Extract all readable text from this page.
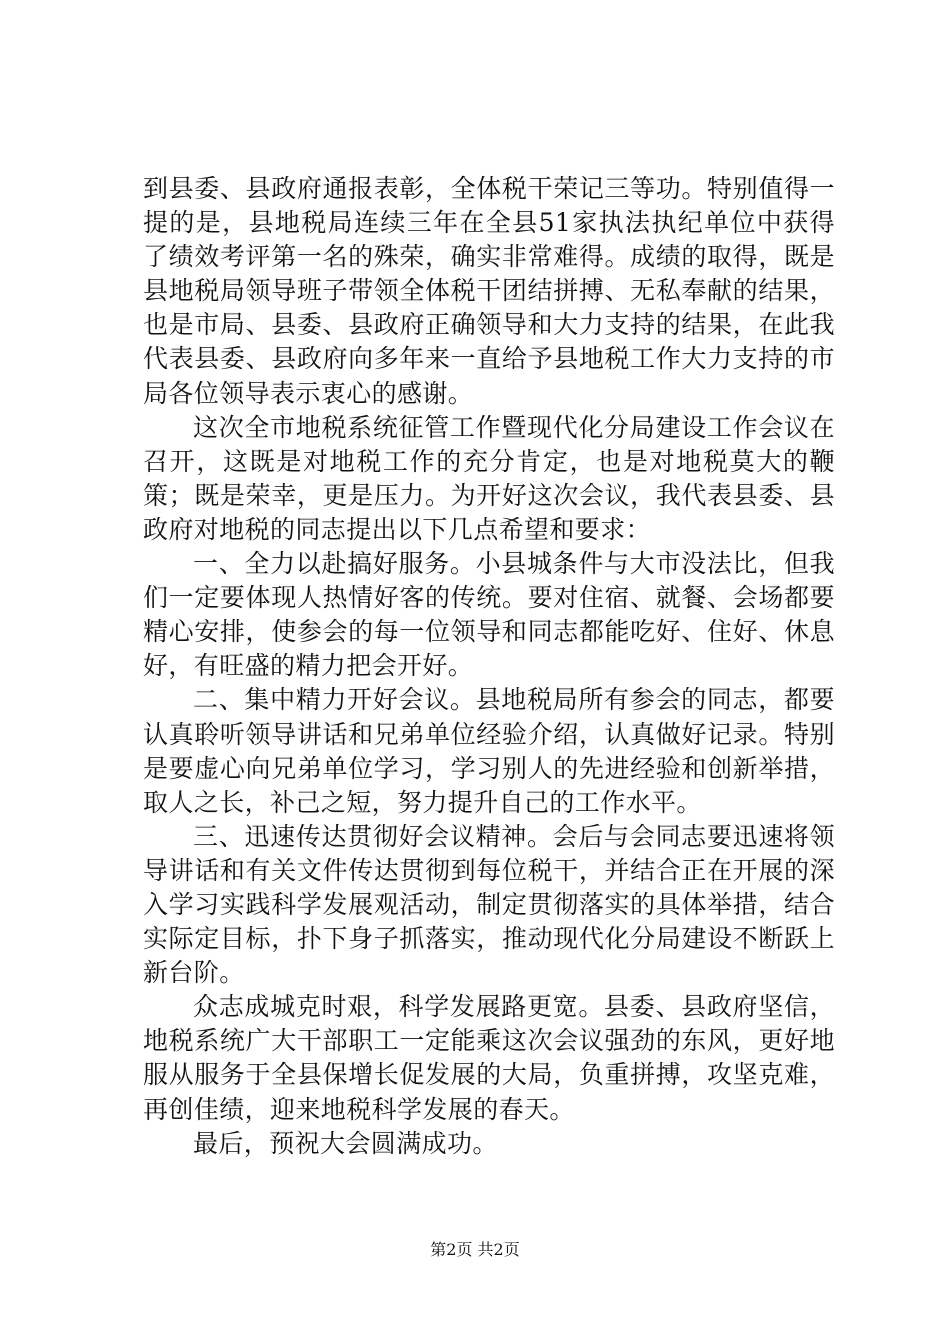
到县委、县政府通报表彰，全体税干荣记三等功。特别值得一提的是，县地税局连续三年在全县51家执法执纪单位中获得了绩效考评第一名的殊荣，确实非常难得。成绩的取得，既是县地税局领导班子带领全体税干团结拼搏、无私奉献的结果，也是市局、县委、县政府正确领导和大力支持的结果，在此我代表县委、县政府向多年来一直给予县地税工作大力支持的市局各位领导表示衷心的感谢。

这次全市地税系统征管工作暨现代化分局建设工作会议在召开，这既是对地税工作的充分肯定，也是对地税莫大的鞭策；既是荣幸，更是压力。为开好这次会议，我代表县委、县政府对地税的同志提出以下几点希望和要求：

一、全力以赴搞好服务。小县城条件与大市没法比，但我们一定要体现人热情好客的传统。要对住宿、就餐、会场都要精心安排，使参会的每一位领导和同志都能吃好、住好、休息好，有旺盛的精力把会开好。

二、集中精力开好会议。县地税局所有参会的同志，都要认真聆听领导讲话和兄弟单位经验介绍，认真做好记录。特别是要虚心向兄弟单位学习，学习别人的先进经验和创新举措，取人之长，补己之短，努力提升自己的工作水平。

三、迅速传达贯彻好会议精神。会后与会同志要迅速将领导讲话和有关文件传达贯彻到每位税干，并结合正在开展的深入学习实践科学发展观活动，制定贯彻落实的具体举措，结合实际定目标，扑下身子抓落实，推动现代化分局建设不断跃上新台阶。

众志成城克时艰，科学发展路更宽。县委、县政府坚信，地税系统广大干部职工一定能乘这次会议强劲的东风，更好地服从服务于全县保增长促发展的大局，负重拼搏，攻坚克难，再创佳绩，迎来地税科学发展的春天。

最后，预祝大会圆满成功。

第2页 共2页
